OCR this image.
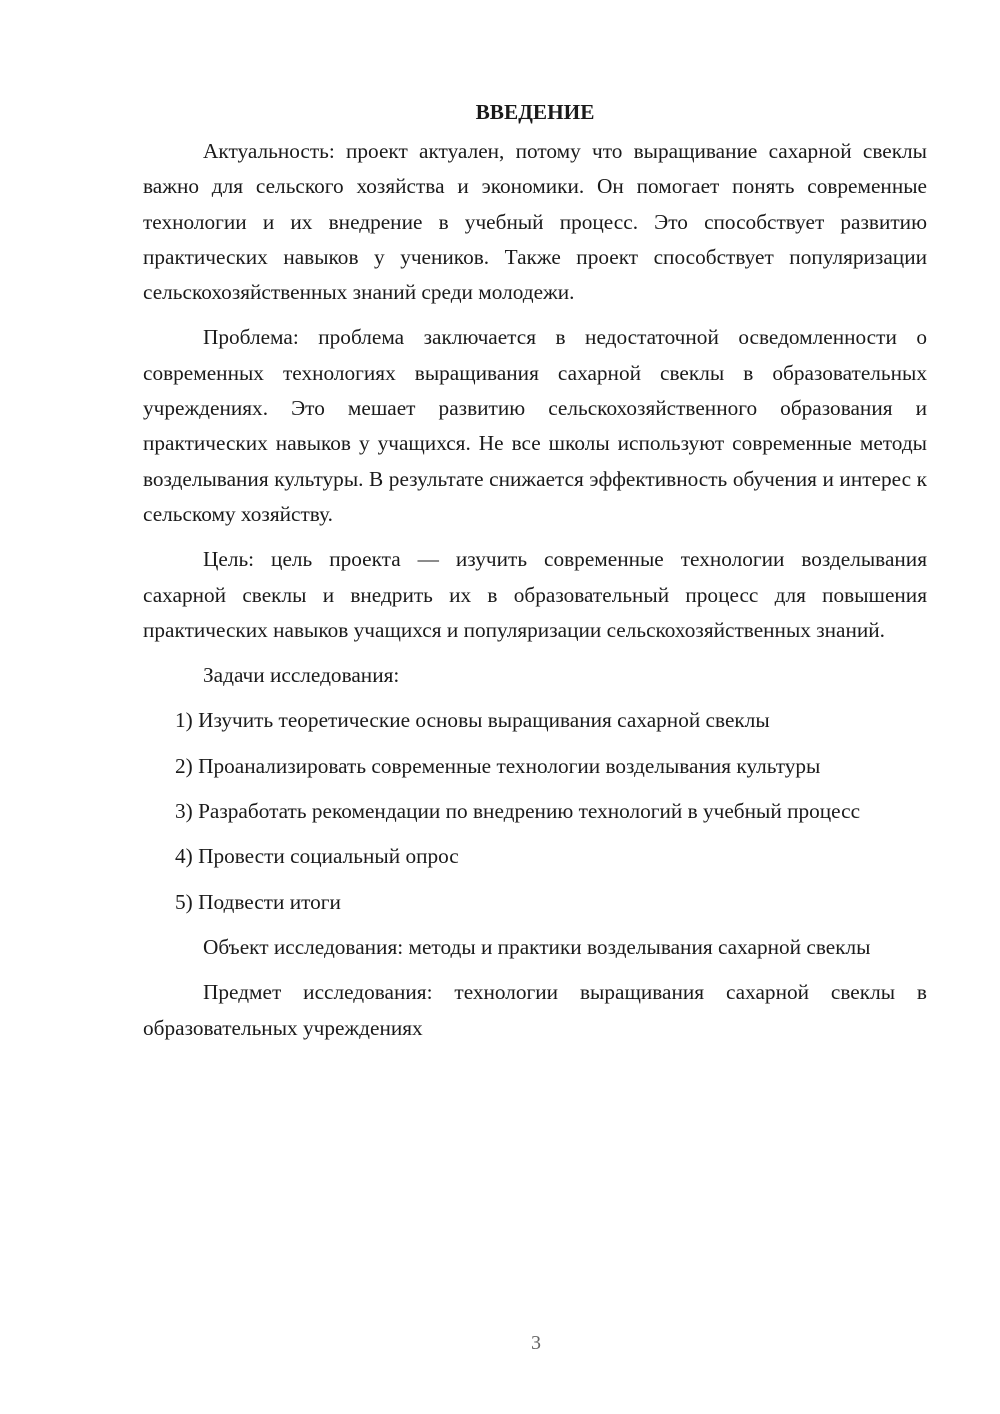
ВВЕДЕНИЕ

Актуальность: проект актуален, потому что выращивание сахарной свеклы важно для сельского хозяйства и экономики. Он помогает понять современные технологии и их внедрение в учебный процесс. Это способствует развитию практических навыков у учеников. Также проект способствует популяризации сельскохозяйственных знаний среди молодежи.

Проблема: проблема заключается в недостаточной осведомленности о современных технологиях выращивания сахарной свеклы в образовательных учреждениях. Это мешает развитию сельскохозяйственного образования и практических навыков у учащихся. Не все школы используют современные методы возделывания культуры. В результате снижается эффективность обучения и интерес к сельскому хозяйству.

Цель: цель проекта — изучить современные технологии возделывания сахарной свеклы и внедрить их в образовательный процесс для повышения практических навыков учащихся и популяризации сельскохозяйственных знаний.

Задачи исследования:

1) Изучить теоретические основы выращивания сахарной свеклы

2) Проанализировать современные технологии возделывания культуры

3) Разработать рекомендации по внедрению технологий в учебный процесс

4) Провести социальный опрос

5) Подвести итоги

Объект исследования: методы и практики возделывания сахарной свеклы

Предмет исследования: технологии выращивания сахарной свеклы в образовательных учреждениях

3
